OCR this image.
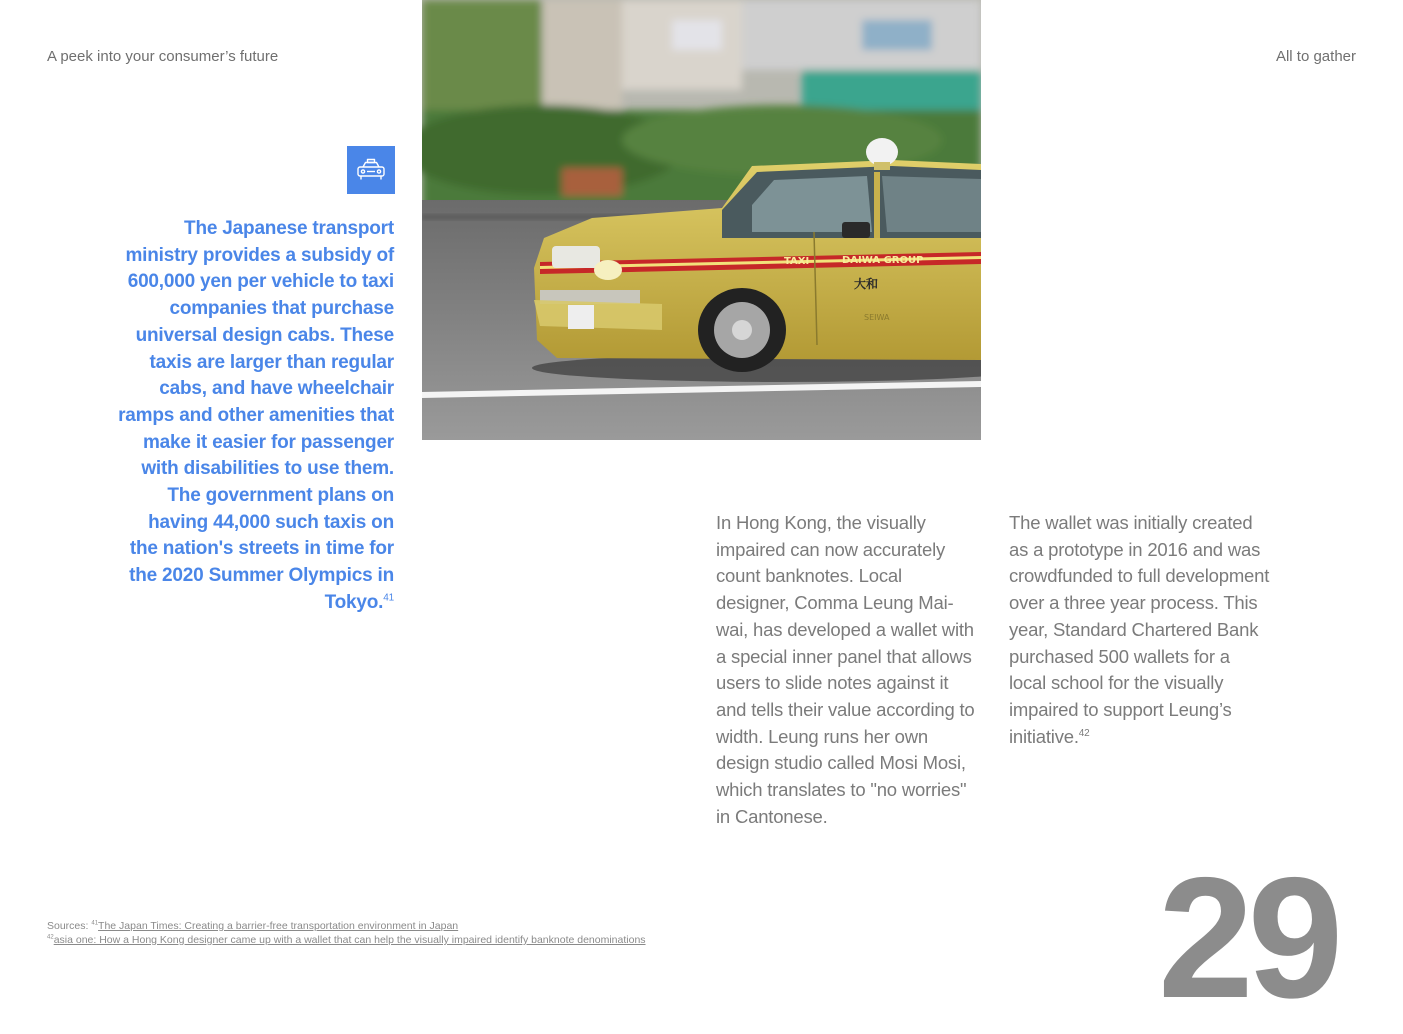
A peek into your consumer’s future	All to gather
The Japanese transport ministry provides a subsidy of 600,000 yen per vehicle to taxi companies that purchase universal design cabs. These taxis are larger than regular cabs, and have wheelchair ramps and other amenities that make it easier for passenger with disabilities to use them. The government plans on having 44,000 such taxis on the nation's streets in time for the 2020 Summer Olympics in Tokyo.$^{41}$
TAXI	DAIWA GROUP
大和
SEIWA
In Hong Kong, the visually impaired can now accurately count banknotes. Local designer, Comma Leung Mai-wai, has developed a wallet with a special inner panel that allows users to slide notes against it and tells their value according to width. Leung runs her own design studio called Mosi Mosi, which translates to "no worries" in Cantonese.
The wallet was initially created as a prototype in 2016 and was crowdfunded to full development over a three year process. This year, Standard Chartered Bank purchased 500 wallets for a local school for the visually impaired to support Leung’s initiative.$^{42}$
Sources: $^{41}$The Japan Times: Creating a barrier-free transportation environment in Japan
$^{42}$asia one: How a Hong Kong designer came up with a wallet that can help the visually impaired identify banknote denominations	29
